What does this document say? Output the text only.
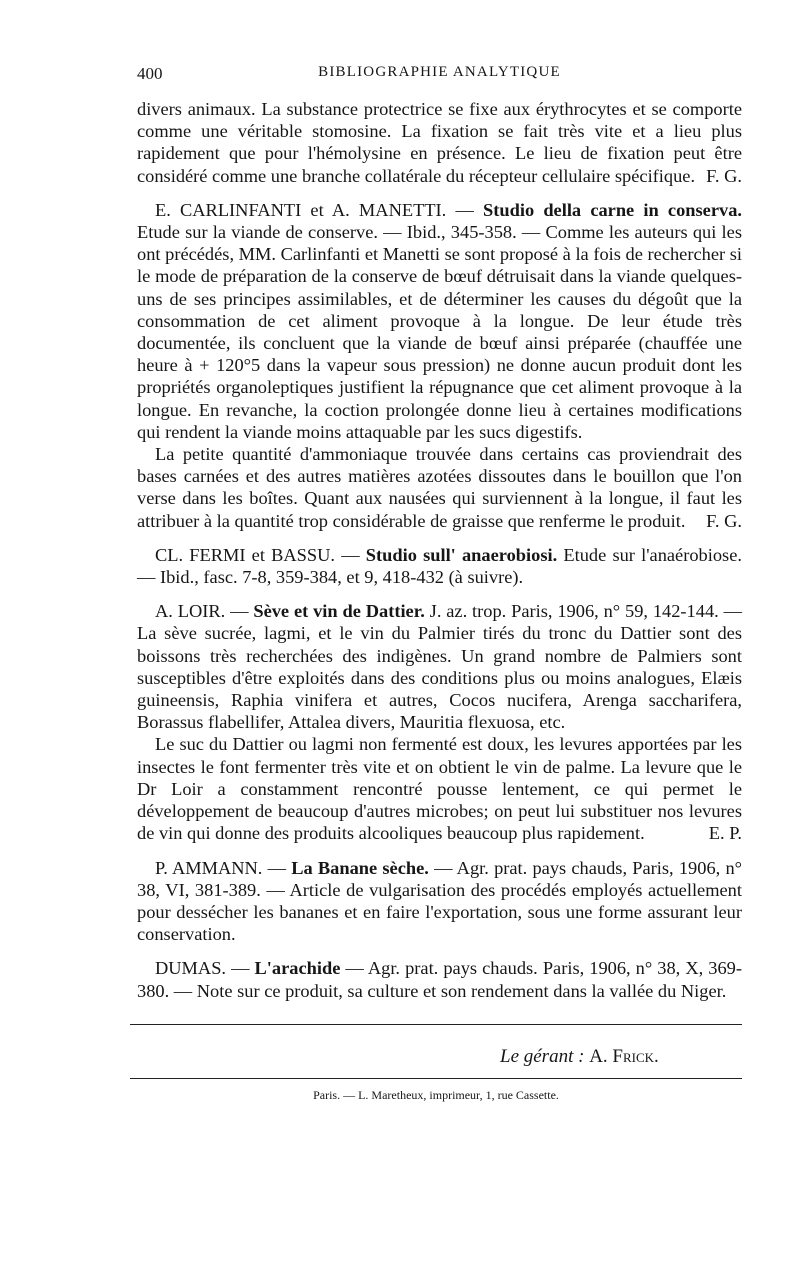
400	BIBLIOGRAPHIE ANALYTIQUE

divers animaux. La substance protectrice se fixe aux érythrocytes et se comporte comme une véritable stomosine. La fixation se fait très vite et a lieu plus rapidement que pour l'hémolysine en présence. Le lieu de fixation peut être considéré comme une branche collatérale du récepteur cellulaire spécifique. F. G.

E. CARLINFANTI et A. MANETTI. — Studio della carne in conserva. Etude sur la viande de conserve. — Ibid., 345-358. — Comme les auteurs qui les ont précédés, MM. Carlinfanti et Manetti se sont proposé à la fois de rechercher si le mode de préparation de la conserve de bœuf détruisait dans la viande quelques-uns de ses principes assimilables, et de déterminer les causes du dégoût que la consommation de cet aliment provoque à la longue. De leur étude très documentée, ils concluent que la viande de bœuf ainsi préparée (chauffée une heure à + 120°5 dans la vapeur sous pression) ne donne aucun produit dont les propriétés organoleptiques justifient la répugnance que cet aliment provoque à la longue. En revanche, la coction prolongée donne lieu à certaines modifications qui rendent la viande moins attaquable par les sucs digestifs.

La petite quantité d'ammoniaque trouvée dans certains cas proviendrait des bases carnées et des autres matières azotées dissoutes dans le bouillon que l'on verse dans les boîtes. Quant aux nausées qui surviennent à la longue, il faut les attribuer à la quantité trop considérable de graisse que renferme le produit.	F. G.

CL. FERMI et BASSU. — Studio sull' anaerobiosi. Etude sur l'anaérobiose. — Ibid., fasc. 7-8, 359-384, et 9, 418-432 (à suivre).

A. LOIR. — Sève et vin de Dattier. J. az. trop. Paris, 1906, n° 59, 142-144. — La sève sucrée, lagmi, et le vin du Palmier tirés du tronc du Dattier sont des boissons très recherchées des indigènes. Un grand nombre de Palmiers sont susceptibles d'être exploités dans des conditions plus ou moins analogues, Elæis guineensis, Raphia vinifera et autres, Cocos nucifera, Arenga saccharifera, Borassus flabellifer, Attalea divers, Mauritia flexuosa, etc.

Le suc du Dattier ou lagmi non fermenté est doux, les levures apportées par les insectes le font fermenter très vite et on obtient le vin de palme. La levure que le Dr Loir a constamment rencontré pousse lentement, ce qui permet le développement de beaucoup d'autres microbes; on peut lui substituer nos levures de vin qui donne des produits alcooliques beaucoup plus rapidement.	E. P.

P. AMMANN. — La Banane sèche. — Agr. prat. pays chauds, Paris, 1906, n° 38, VI, 381-389. — Article de vulgarisation des procédés employés actuellement pour dessécher les bananes et en faire l'exportation, sous une forme assurant leur conservation.

DUMAS. — L'arachide — Agr. prat. pays chauds. Paris, 1906, n° 38, X, 369-380. — Note sur ce produit, sa culture et son rendement dans la vallée du Niger.

Le gérant : A. Frick.
Paris. — L. Maretheux, imprimeur, 1, rue Cassette.
